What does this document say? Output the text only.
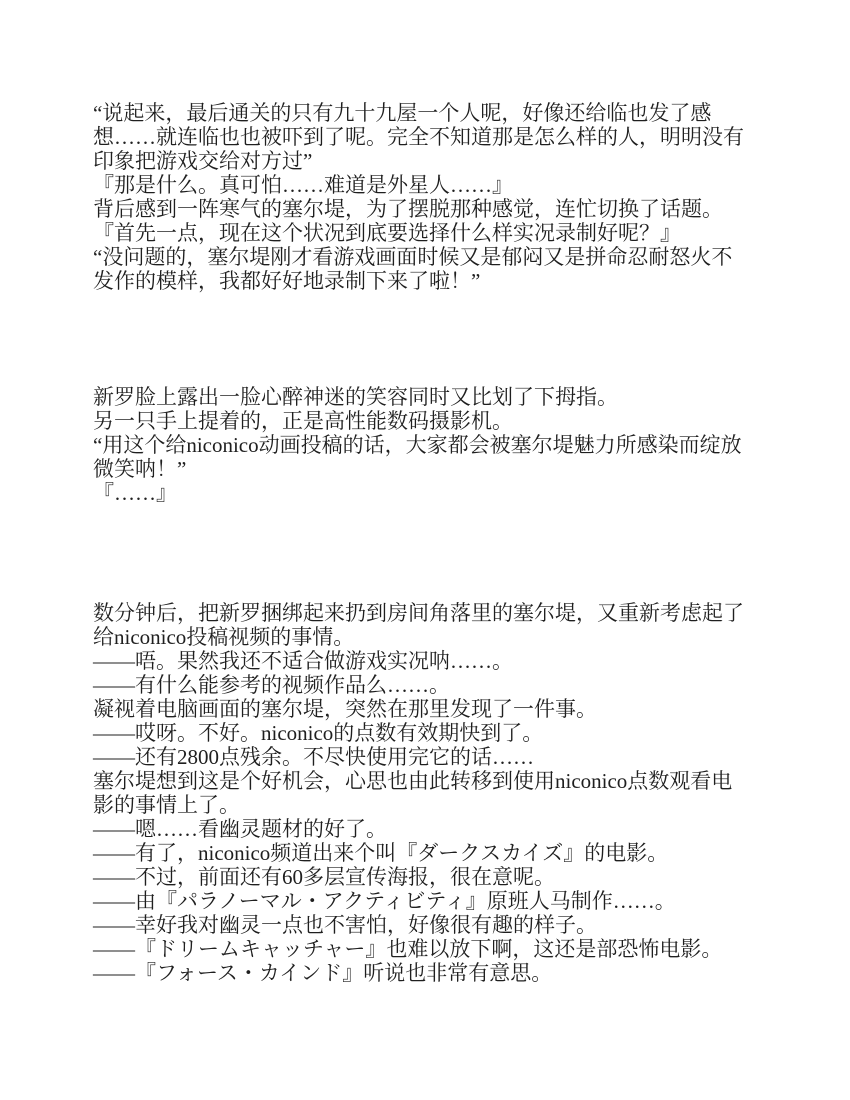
“说起来，最后通关的只有九十九屋一个人呢，好像还给临也发了感
想……就连临也也被吓到了呢。完全不知道那是怎么样的人，明明没有
印象把游戏交给对方过”
『那是什么。真可怕……难道是外星人……』
背后感到一阵寒气的塞尔堤，为了摆脱那种感觉，连忙切换了话题。
『首先一点，现在这个状况到底要选择什么样实况录制好呢？』
“没问题的，塞尔堤刚才看游戏画面时候又是郁闷又是拼命忍耐怒火不
发作的模样，我都好好地录制下来了啦！”
新罗脸上露出一脸心醉神迷的笑容同时又比划了下拇指。
另一只手上提着的，正是高性能数码摄影机。
“用这个给niconico动画投稿的话，大家都会被塞尔堤魅力所感染而绽放
微笑呐！”
『……』
数分钟后，把新罗捆绑起来扔到房间角落里的塞尔堤，又重新考虑起了
给niconico投稿视频的事情。
——唔。果然我还不适合做游戏实况呐……。
——有什么能参考的视频作品么……。
凝视着电脑画面的塞尔堤，突然在那里发现了一件事。
——哎呀。不好。niconico的点数有效期快到了。
——还有2800点残余。不尽快使用完它的话……
塞尔堤想到这是个好机会，心思也由此转移到使用niconico点数观看电
影的事情上了。
——嗯……看幽灵题材的好了。
——有了，niconico频道出来个叫『ダークスカイズ』的电影。
——不过，前面还有60多层宣传海报，很在意呢。
——由『パラノーマル・アクティビティ』原班人马制作……。
——幸好我对幽灵一点也不害怕，好像很有趣的样子。
——『ドリームキャッチャー』也难以放下啊，这还是部恐怖电影。
——『フォース・カインド』听说也非常有意思。
